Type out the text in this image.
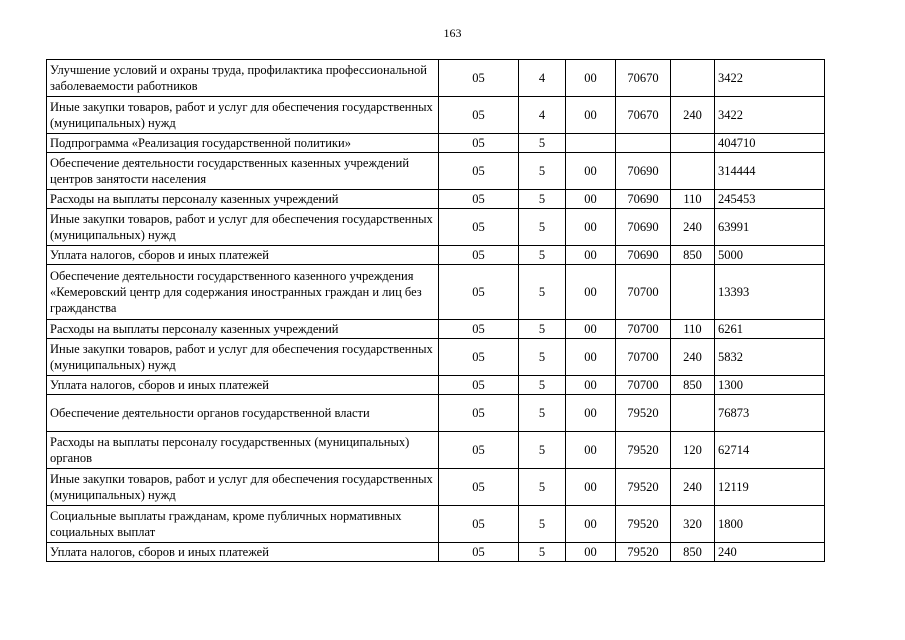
163
Улучшение условий и охраны труда, профилактика профессиональной заболеваемости работников	05	4	00	70670		3422
Иные закупки товаров, работ и услуг для обеспечения государственных (муниципальных) нужд	05	4	00	70670	240	3422
Подпрограмма «Реализация государственной политики»	05	5				404710
Обеспечение деятельности государственных казенных учреждений центров занятости населения	05	5	00	70690		314444
Расходы на выплаты персоналу казенных учреждений	05	5	00	70690	110	245453
Иные закупки товаров, работ и услуг для обеспечения государственных (муниципальных) нужд	05	5	00	70690	240	63991
Уплата налогов, сборов и иных платежей	05	5	00	70690	850	5000
Обеспечение деятельности государственного казенного учреждения «Кемеровский центр для содержания иностранных граждан и лиц без гражданства	05	5	00	70700		13393
Расходы на выплаты персоналу казенных учреждений	05	5	00	70700	110	6261
Иные закупки товаров, работ и услуг для обеспечения государственных (муниципальных) нужд	05	5	00	70700	240	5832
Уплата налогов, сборов и иных платежей	05	5	00	70700	850	1300
Обеспечение деятельности органов государственной власти	05	5	00	79520		76873
Расходы на выплаты персоналу государственных (муниципальных) органов	05	5	00	79520	120	62714
Иные закупки товаров, работ и услуг для обеспечения государственных (муниципальных) нужд	05	5	00	79520	240	12119
Социальные выплаты гражданам, кроме публичных нормативных социальных выплат	05	5	00	79520	320	1800
Уплата налогов, сборов и иных платежей	05	5	00	79520	850	240
